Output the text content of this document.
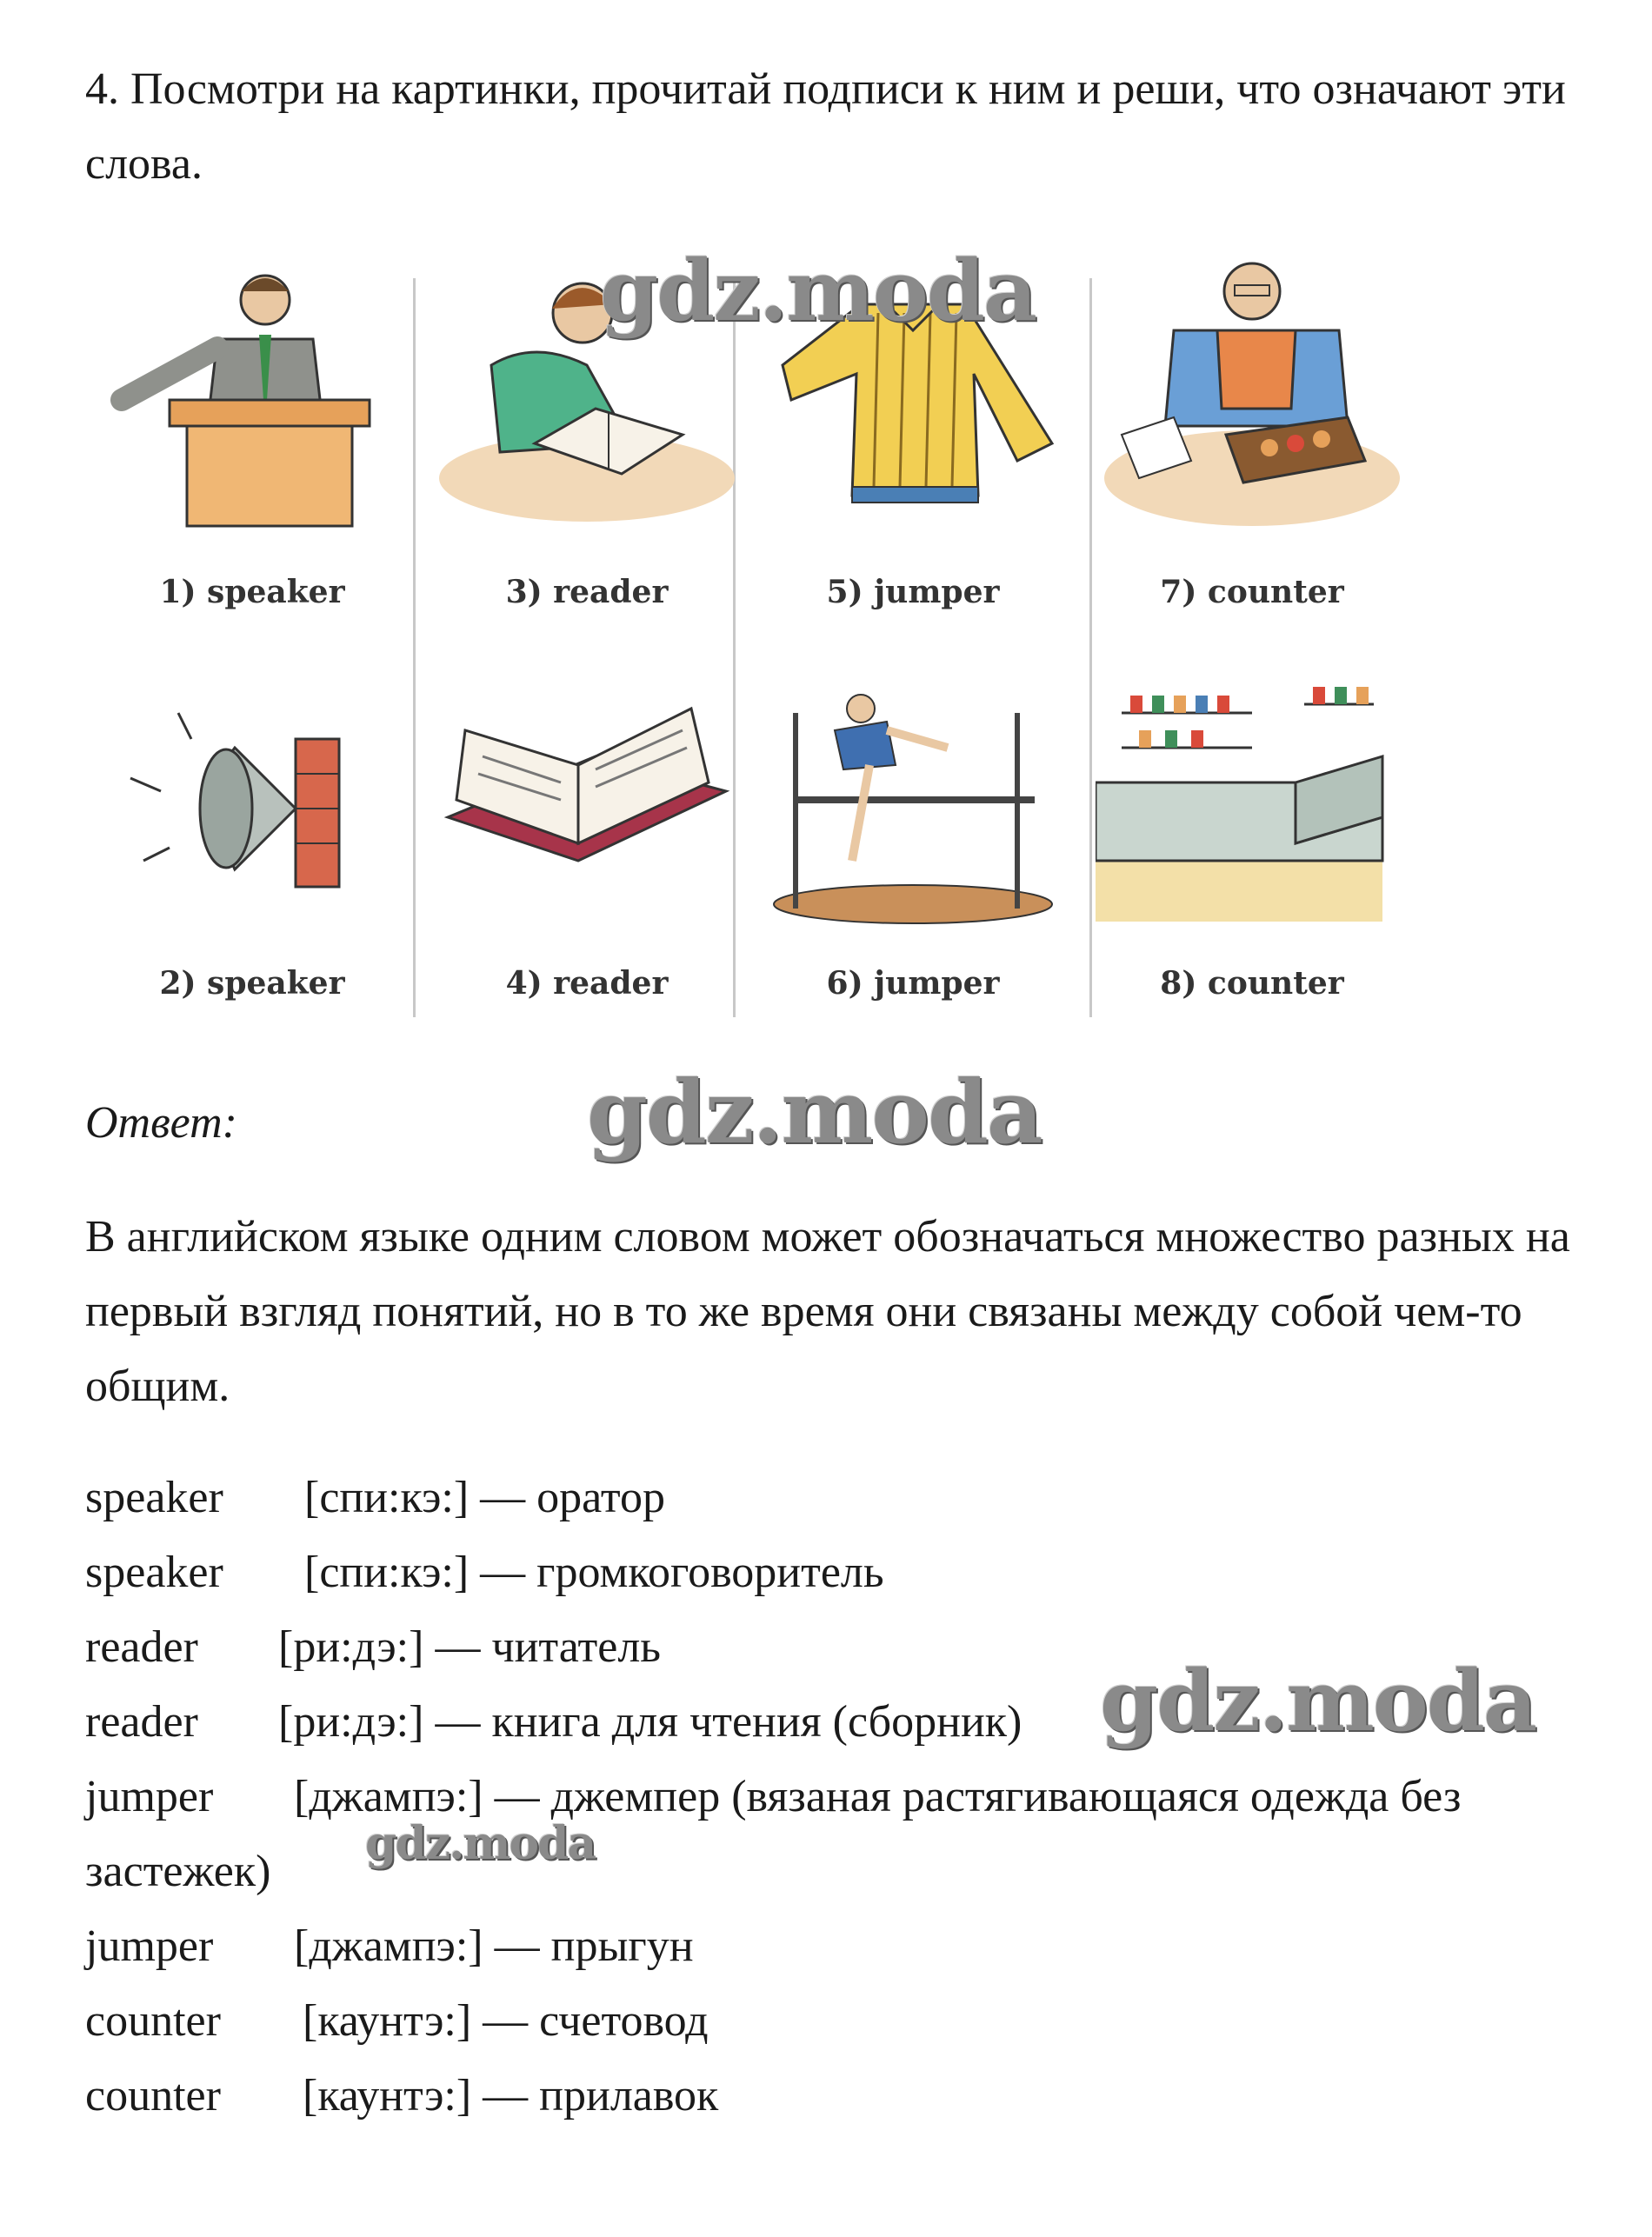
4. Посмотри на картинки, прочитай подписи к ним и реши, что означают эти слова.
1) speaker
2) speaker
3) reader
4) reader
5) jumper
6) jumper
7) counter
8) counter
gdz.moda
gdz.moda
Ответ:
В английском языке одним словом может обозначаться множество разных на первый взгляд понятий, но в то же время они связаны между собой чем-то общим.
speaker [спи:кэ:] — оратор
speaker [спи:кэ:] — громкоговоритель
reader [ри:дэ:] — читатель
reader [ри:дэ:] — книга для чтения (сборник)
jumper [джампэ:] — джемпер (вязаная растягивающаяся одежда без застежек)
jumper [джампэ:] — прыгун
counter [каунтэ:] — счетовод
counter [каунтэ:] — прилавок
gdz.moda
gdz.moda
